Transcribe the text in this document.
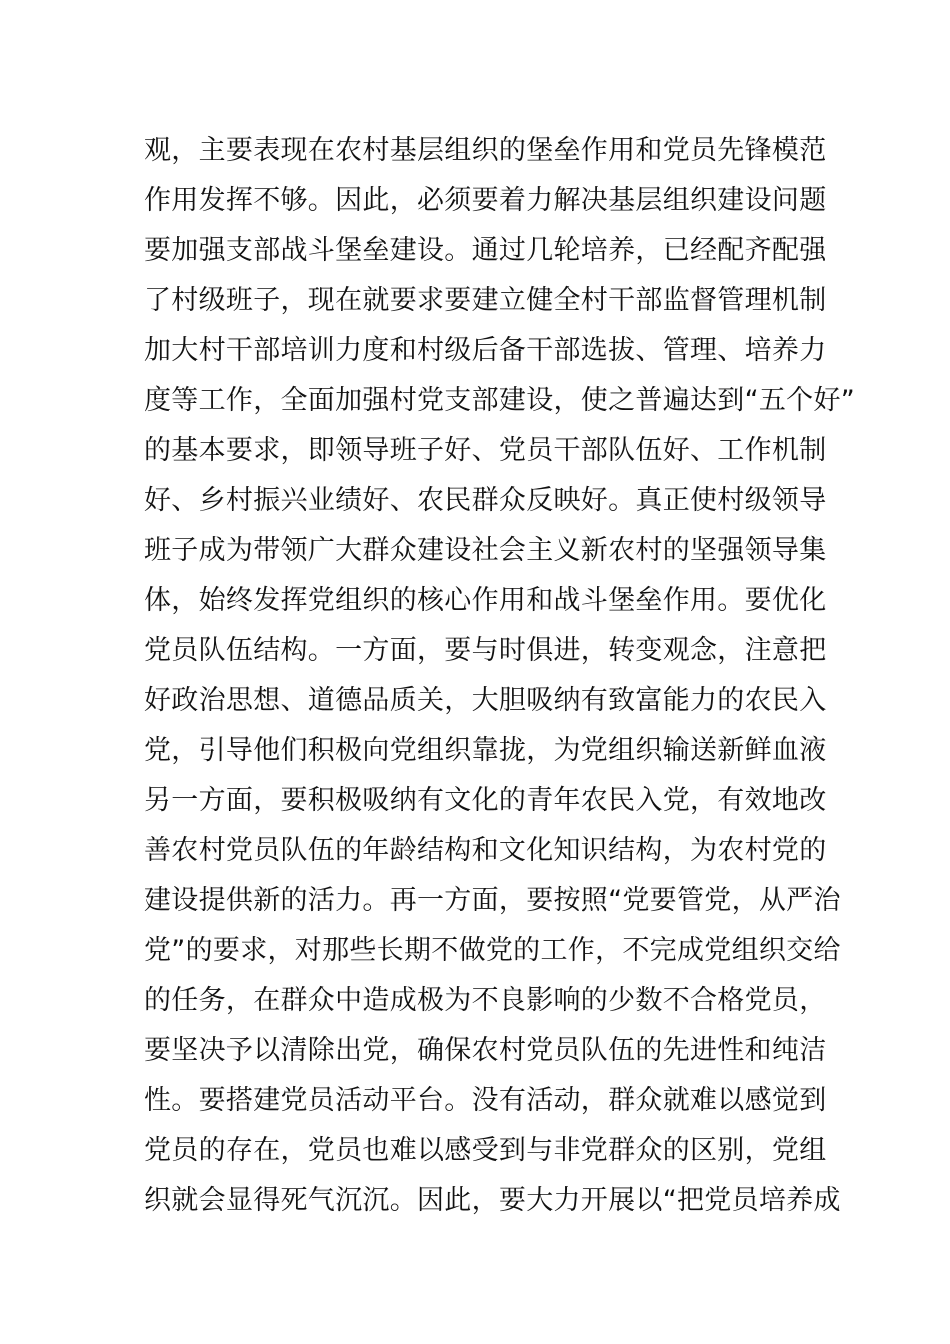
观，主要表现在农村基层组织的堡垒作用和党员先锋模范
作用发挥不够。因此，必须要着力解决基层组织建设问题
要加强支部战斗堡垒建设。通过几轮培养，已经配齐配强
了村级班子，现在就要求要建立健全村干部监督管理机制
加大村干部培训力度和村级后备干部选拔、管理、培养力
度等工作，全面加强村党支部建设，使之普遍达到“五个好”
的基本要求，即领导班子好、党员干部队伍好、工作机制
好、乡村振兴业绩好、农民群众反映好。真正使村级领导
班子成为带领广大群众建设社会主义新农村的坚强领导集
体，始终发挥党组织的核心作用和战斗堡垒作用。要优化
党员队伍结构。一方面，要与时俱进，转变观念，注意把
好政治思想、道德品质关，大胆吸纳有致富能力的农民入
党，引导他们积极向党组织靠拢，为党组织输送新鲜血液
另一方面，要积极吸纳有文化的青年农民入党，有效地改
善农村党员队伍的年龄结构和文化知识结构，为农村党的
建设提供新的活力。再一方面，要按照“党要管党，从严治
党”的要求，对那些长期不做党的工作，不完成党组织交给
的任务，在群众中造成极为不良影响的少数不合格党员，
要坚决予以清除出党，确保农村党员队伍的先进性和纯洁
性。要搭建党员活动平台。没有活动，群众就难以感觉到
党员的存在，党员也难以感受到与非党群众的区别，党组
织就会显得死气沉沉。因此，要大力开展以“把党员培养成
